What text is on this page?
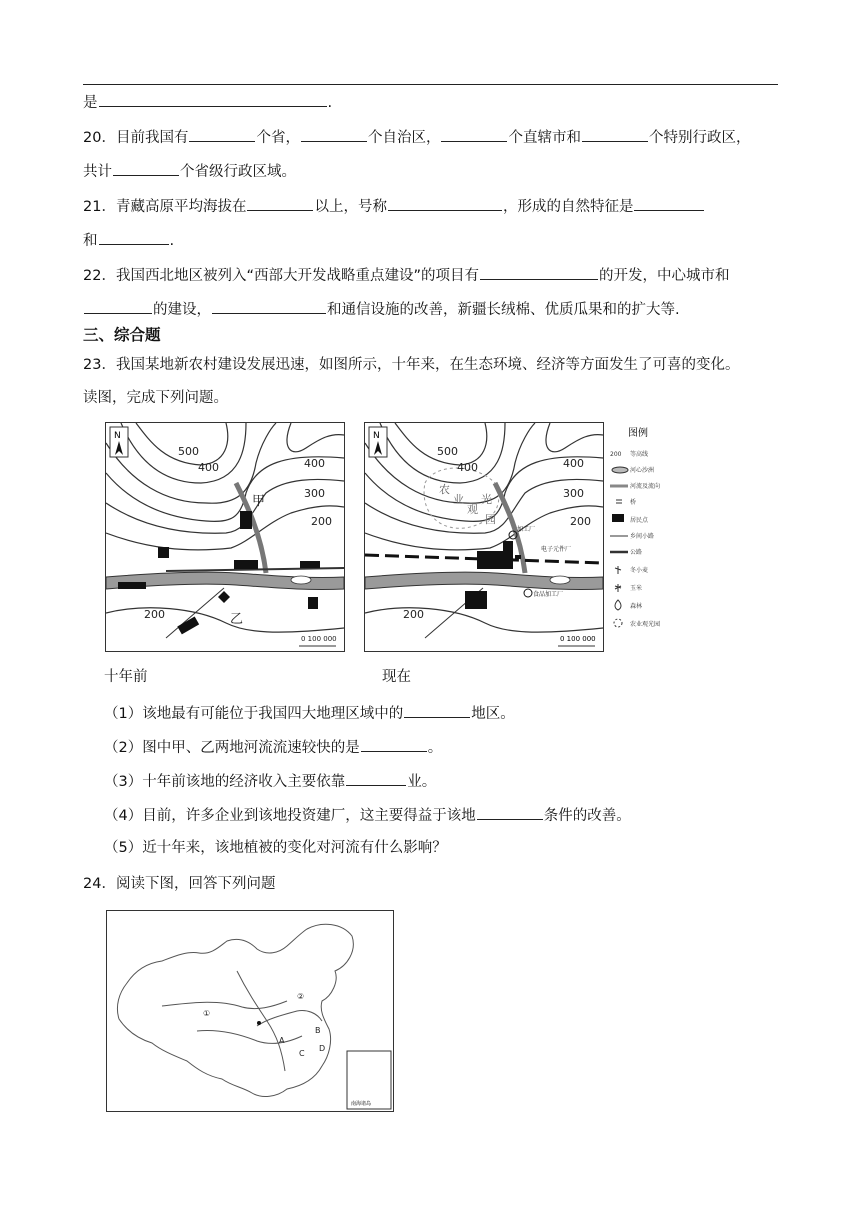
是	.
20．目前我国有	个省，	个自治区，	个直辖市和	个特别行政区，
共计	个省级行政区域。
21．青藏高原平均海拔在	以上，号称	，形成的自然特征是
和	.
22．我国西北地区被列入“西部大开发战略重点建设”的项目有	的开发，中心城市和
的建设，	和通信设施的改善，新疆长绒棉、优质瓜果和的扩大等.
三、综合题
23．我国某地新农村建设发展迅速，如图所示，十年来，在生态环境、经济等方面发生了可喜的变化。
读图，完成下列问题。
500
400	400
300
200
200
甲
乙
0 100 000
N
十年前
500
400	400
300
200
200
农
业
观
光
园
加工厂
电子元件厂
食品加工厂
N
0 100 000
现在
图例
200 等高线
河心沙洲
河流及流向
桥
居民点
乡间小路
公路
冬小麦
玉米
森林
农业观光园
（1）该地最有可能位于我国四大地理区域中的	地区。
（2）图中甲、乙两地河流流速较快的是	。
（3）十年前该地的经济收入主要依靠	业。
（4）目前，许多企业到该地投资建厂，这主要得益于该地	条件的改善。
（5）近十年来，该地植被的变化对河流有什么影响？
24．阅读下图，回答下列问题
①
②
A
B
C
D
南海诸岛
